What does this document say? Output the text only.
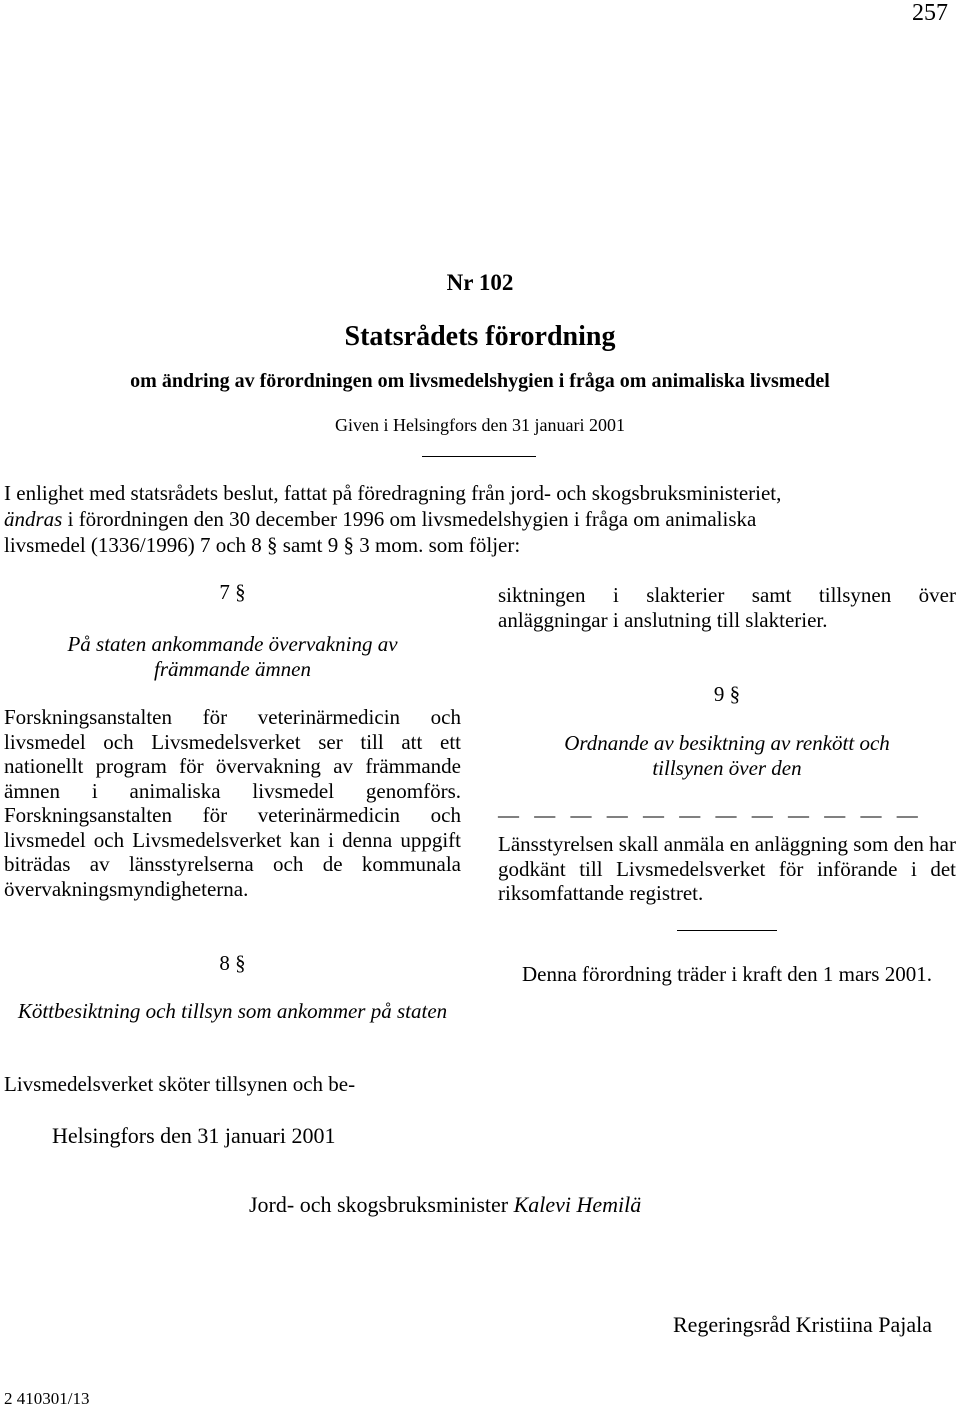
257
Nr 102
Statsrådets förordning
om ändring av förordningen om livsmedelshygien i fråga om animaliska livsmedel
Given i Helsingfors den 31 januari 2001

I enlighet med statsrådets beslut, fattat på föredragning från jord- och skogsbruksministeriet,

ändras i förordningen den 30 december 1996 om livsmedelshygien i fråga om animaliska

livsmedel (1336/1996) 7 och 8 § samt 9 § 3 mom. som följer:

7 §
På staten ankommande övervakning av främmande ämnen

Forskningsanstalten för veterinärmedicin och livsmedel och Livsmedelsverket ser till att ett nationellt program för övervakning av främmande ämnen i animaliska livsmedel genomförs. Forskningsanstalten för veterinärmedicin och livsmedel och Livsmedelsverket kan i denna uppgift biträdas av länsstyrelserna och de kommunala övervakningsmyndigheterna.

8 §
Köttbesiktning och tillsyn som ankommer på staten

Livsmedelsverket sköter tillsynen och be-

siktningen i slakterier samt tillsynen över anläggningar i anslutning till slakterier.

9 §
Ordnande av besiktning av renkött och tillsynen över den
— — — — — — — — — — — —

Länsstyrelsen skall anmäla en anläggning som den har godkänt till Livsmedelsverket för införande i det riksomfattande registret.

Denna förordning träder i kraft den 1 mars 2001.

Helsingfors den 31 januari 2001
Jord- och skogsbruksminister Kalevi Hemilä
Regeringsråd Kristiina Pajala
2 410301/13
